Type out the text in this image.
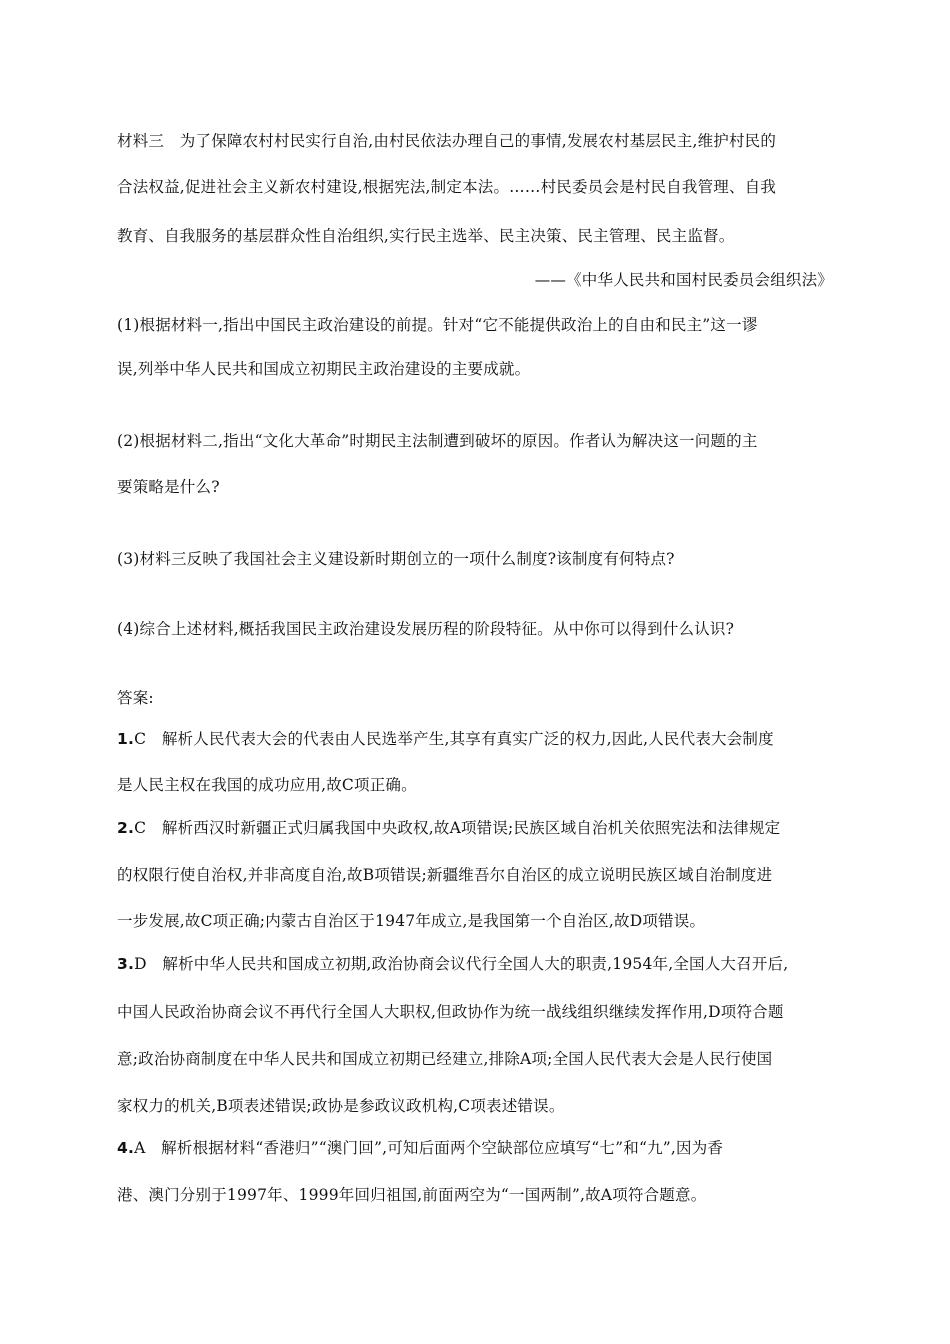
材料三　为了保障农村村民实行自治,由村民依法办理自己的事情,发展农村基层民主,维护村民的
合法权益,促进社会主义新农村建设,根据宪法,制定本法。……村民委员会是村民自我管理、自我
教育、自我服务的基层群众性自治组织,实行民主选举、民主决策、民主管理、民主监督。
——《中华人民共和国村民委员会组织法》
(1)根据材料一,指出中国民主政治建设的前提。针对“它不能提供政治上的自由和民主”这一谬
误,列举中华人民共和国成立初期民主政治建设的主要成就。
(2)根据材料二,指出“文化大革命”时期民主法制遭到破坏的原因。作者认为解决这一问题的主
要策略是什么?
(3)材料三反映了我国社会主义建设新时期创立的一项什么制度?该制度有何特点?
(4)综合上述材料,概括我国民主政治建设发展历程的阶段特征。从中你可以得到什么认识?
答案:
1.C　解析人民代表大会的代表由人民选举产生,其享有真实广泛的权力,因此,人民代表大会制度
是人民主权在我国的成功应用,故C项正确。
2.C　解析西汉时新疆正式归属我国中央政权,故A项错误;民族区域自治机关依照宪法和法律规定
的权限行使自治权,并非高度自治,故B项错误;新疆维吾尔自治区的成立说明民族区域自治制度进
一步发展,故C项正确;内蒙古自治区于1947年成立,是我国第一个自治区,故D项错误。
3.D　解析中华人民共和国成立初期,政治协商会议代行全国人大的职责,1954年,全国人大召开后,
中国人民政治协商会议不再代行全国人大职权,但政协作为统一战线组织继续发挥作用,D项符合题
意;政治协商制度在中华人民共和国成立初期已经建立,排除A项;全国人民代表大会是人民行使国
家权力的机关,B项表述错误;政协是参政议政机构,C项表述错误。
4.A　解析根据材料“香港归”“澳门回”,可知后面两个空缺部位应填写“七”和“九”,因为香
港、澳门分别于1997年、1999年回归祖国,前面两空为“一国两制”,故A项符合题意。
